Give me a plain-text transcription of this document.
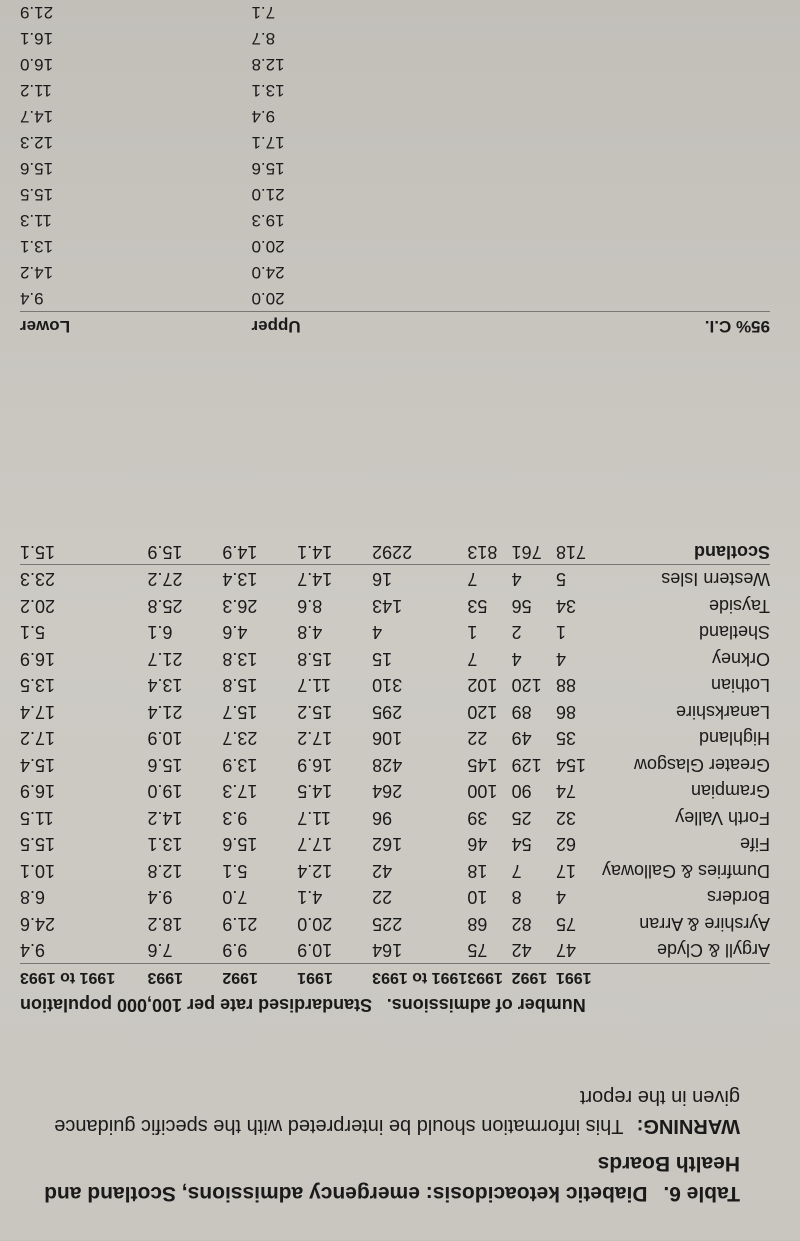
Table 6. Diabetic ketoacidosis: emergency admissions, Scotland and Health Boards
WARNING: This information should be interpreted with the specific guidance given in the report
	Number of admissions.				Standardised rate per 100,000 population			
	1991	1992	1993	1991 to 1993	1991	1992	1993	1991 to 1993
Argyll & Clyde	47	42	75	164	10.9	9.9	7.6	9.4
Ayrshire & Arran	75	82	68	225	20.0	21.9	18.2	24.6
Borders	4	8	10	22	4.1	7.0	9.4	6.8
Dumfries & Galloway	17	7	18	42	12.4	5.1	12.8	10.1
Fife	62	54	46	162	17.7	15.6	13.1	15.5
Forth Valley	32	25	39	96	11.7	9.3	14.2	11.5
Grampian	74	90	100	264	14.5	17.3	19.0	16.9
Greater Glasgow	154	129	145	428	16.9	13.9	15.6	15.4
Highland	35	49	22	106	17.2	23.7	10.9	17.2
Lanarkshire	86	89	120	295	15.2	15.7	21.4	17.4
Lothian	88	120	102	310	11.7	15.8	13.4	13.5
Orkney	4	4	7	15	15.8	13.8	21.7	16.9
Shetland	1	2	1	4	4.8	4.6	6.1	5.1
Tayside	34	56	53	143	8.6	26.3	25.8	20.2
Western Isles	5	4	7	16	14.7	13.4	27.2	23.3
Scotland	718	761	813	2292	14.1	14.9	15.9	15.1
95% C.I.		Upper		Lower
		20.0		9.4
		24.0		14.2
		20.0		13.1
		19.3		11.3
		21.0		15.5
		15.6		15.6
		17.1		12.3
		9.4		14.7
		13.1		11.2
		12.8		16.0
		8.7		16.1
		7.1		21.9
